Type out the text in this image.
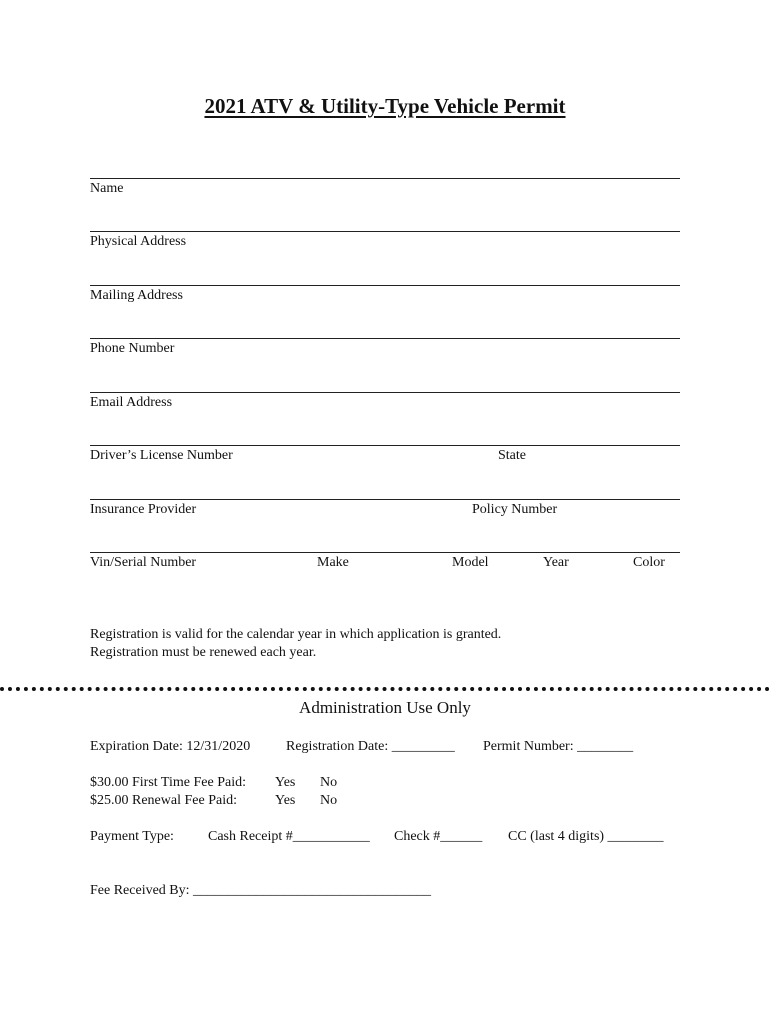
2021 ATV & Utility-Type Vehicle Permit
Name
Physical Address
Mailing Address
Phone Number
Email Address
Driver’s License Number	State
Insurance Provider	Policy Number
Vin/Serial Number	Make	Model	Year	Color
Registration is valid for the calendar year in which application is granted.
Registration must be renewed each year.
Administration Use Only
Expiration Date: 12/31/2020	Registration Date: _________ Permit Number: ________
$30.00 First Time Fee Paid: Yes No
$25.00 Renewal Fee Paid:	Yes No
Payment Type: Cash Receipt #___________ Check #______ CC (last 4 digits) ________
Fee Received By: __________________________________
